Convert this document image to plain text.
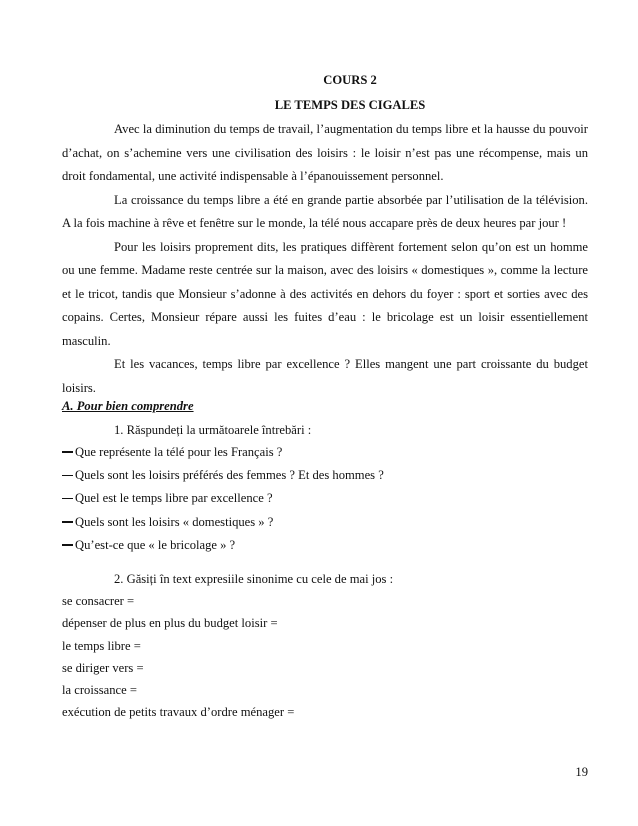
COURS 2
LE TEMPS DES CIGALES

Avec la diminution du temps de travail, l’augmentation du temps libre et la hausse du pouvoir d’achat, on s’achemine vers une civilisation des loisirs : le loisir n’est pas une récompense, mais un droit fondamental, une activité indispensable à l’épanouissement personnel.

La croissance du temps libre a été en grande partie absorbée par l’utilisation de la télévision. A la fois machine à rêve et fenêtre sur le monde, la télé nous accapare près de deux heures par jour !

Pour les loisirs proprement dits, les pratiques diffèrent fortement selon qu’on est un homme ou une femme. Madame reste centrée sur la maison, avec des loisirs « domestiques », comme la lecture et le tricot, tandis que Monsieur s’adonne à des activités en dehors du foyer : sport et sorties avec des copains. Certes, Monsieur répare aussi les fuites d’eau : le bricolage est un loisir essentiellement masculin.

Et les vacances, temps libre par excellence ? Elles mangent une part croissante du budget loisirs.

A. Pour bien comprendre
1. Răspundeți la următoarele întrebări :
Que représente la télé pour les Français ?
Quels sont les loisirs préférés des femmes ? Et des hommes ?
Quel est le temps libre par excellence ?
Quels sont les loisirs « domestiques » ?
Qu’est-ce que « le bricolage » ?
2. Găsiți în text expresiile sinonime cu cele de mai jos :
se consacrer =
dépenser de plus en plus du budget loisir =
le temps libre =
se diriger vers =
la croissance =
exécution de petits travaux d’ordre ménager =
19
